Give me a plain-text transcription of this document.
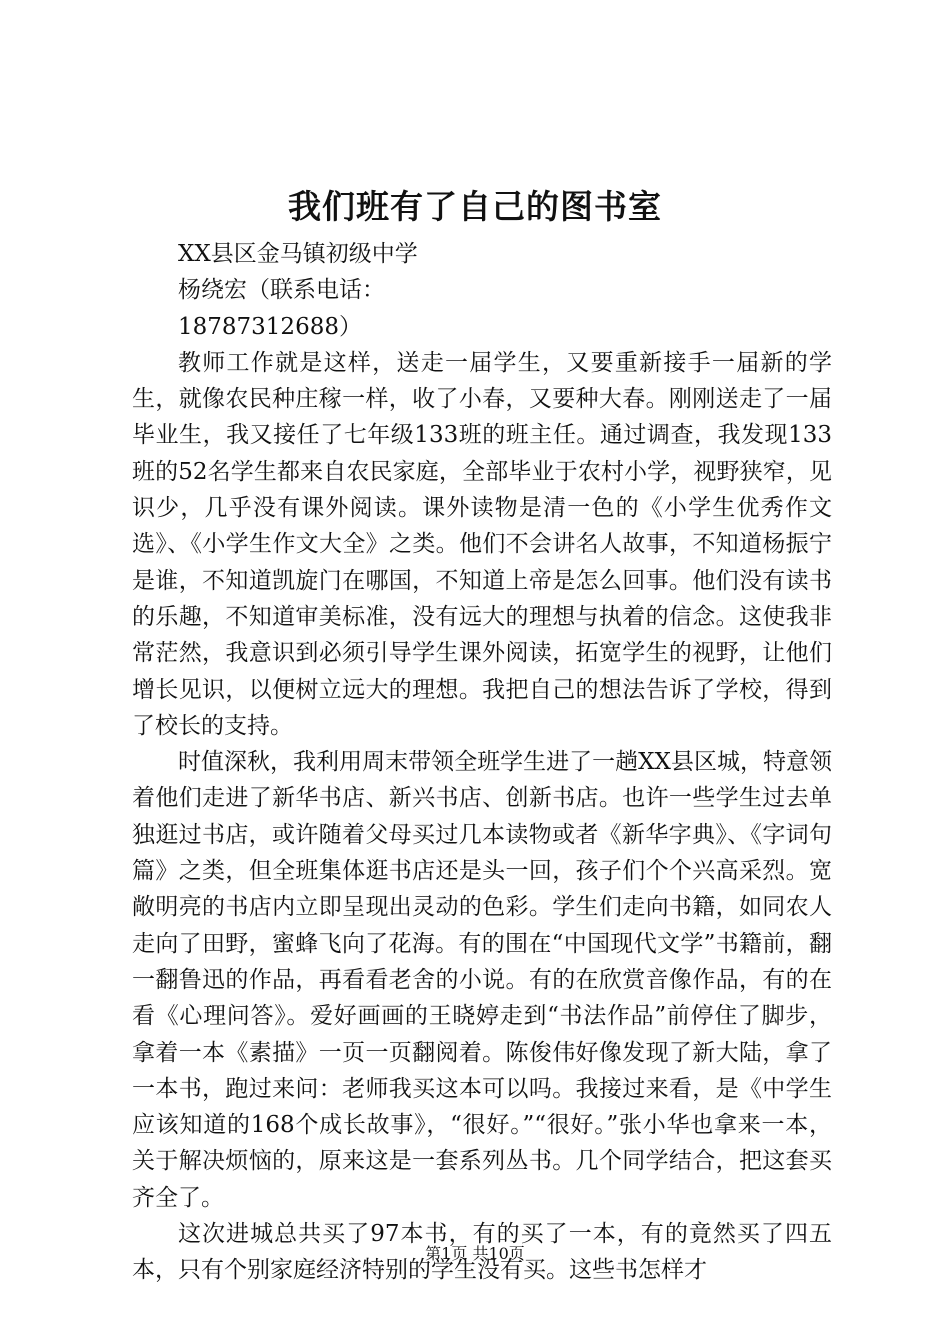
我们班有了自己的图书室

XX县区金马镇初级中学

杨绕宏（联系电话：

18787312688）

教师工作就是这样，送走一届学生，又要重新接手一届新的学生，就像农民种庄稼一样，收了小春，又要种大春。刚刚送走了一届毕业生，我又接任了七年级133班的班主任。通过调查，我发现133班的52名学生都来自农民家庭，全部毕业于农村小学，视野狭窄，见识少，几乎没有课外阅读。课外读物是清一色的《小学生优秀作文选》、《小学生作文大全》之类。他们不会讲名人故事，不知道杨振宁是谁，不知道凯旋门在哪国，不知道上帝是怎么回事。他们没有读书的乐趣，不知道审美标准，没有远大的理想与执着的信念。这使我非常茫然，我意识到必须引导学生课外阅读，拓宽学生的视野，让他们增长见识，以便树立远大的理想。我把自己的想法告诉了学校，得到了校长的支持。

时值深秋，我利用周末带领全班学生进了一趟XX县区城，特意领着他们走进了新华书店、新兴书店、创新书店。也许一些学生过去单独逛过书店，或许随着父母买过几本读物或者《新华字典》、《字词句篇》之类，但全班集体逛书店还是头一回，孩子们个个兴高采烈。宽敞明亮的书店内立即呈现出灵动的色彩。学生们走向书籍，如同农人走向了田野，蜜蜂飞向了花海。有的围在“中国现代文学”书籍前，翻一翻鲁迅的作品，再看看老舍的小说。有的在欣赏音像作品，有的在看《心理问答》。爱好画画的王晓婷走到“书法作品”前停住了脚步，拿着一本《素描》一页一页翻阅着。陈俊伟好像发现了新大陆，拿了一本书，跑过来问：老师我买这本可以吗。我接过来看，是《中学生应该知道的168个成长故事》，“很好。”“很好。”张小华也拿来一本，关于解决烦恼的，原来这是一套系列丛书。几个同学结合，把这套买齐全了。

这次进城总共买了97本书，有的买了一本，有的竟然买了四五本，只有个别家庭经济特别的学生没有买。这些书怎样才

第1页 共10页
